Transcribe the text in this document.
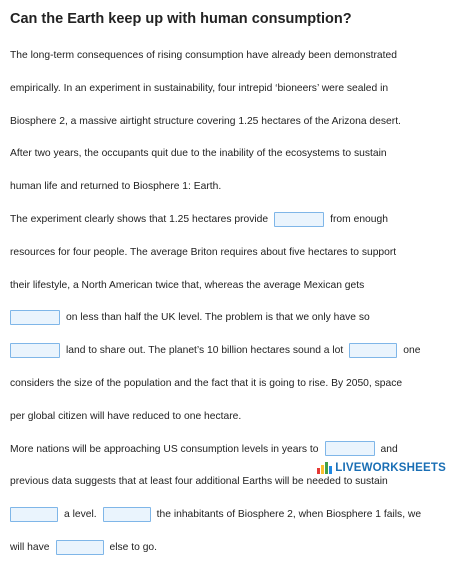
Can the Earth keep up with human consumption?

The long-term consequences of rising consumption have already been demonstrated

empirically. In an experiment in sustainability, four intrepid ‘bioneers’ were sealed in

Biosphere 2, a massive airtight structure covering 1.25 hectares of the Arizona desert.

After two years, the occupants quit due to the inability of the ecosystems to sustain

human life and returned to Biosphere 1: Earth.

The experiment clearly shows that 1.25 hectares provide	from enough

resources for four people. The average Briton requires about five hectares to support

their lifestyle, a North American twice that, whereas the average Mexican gets

on less than half the UK level. The problem is that we only have so

land to share out. The planet’s 10 billion hectares sound a lot	one

considers the size of the population and the fact that it is going to rise. By 2050, space

per global citizen will have reduced to one hectare.

More nations will be approaching US consumption levels in years to	and

previous data suggests that at least four additional Earths will be needed to sustain

a level.	the inhabitants of Biosphere 2, when Biosphere 1 fails, we

will have	else to go.

LIVEWORKSHEETS
